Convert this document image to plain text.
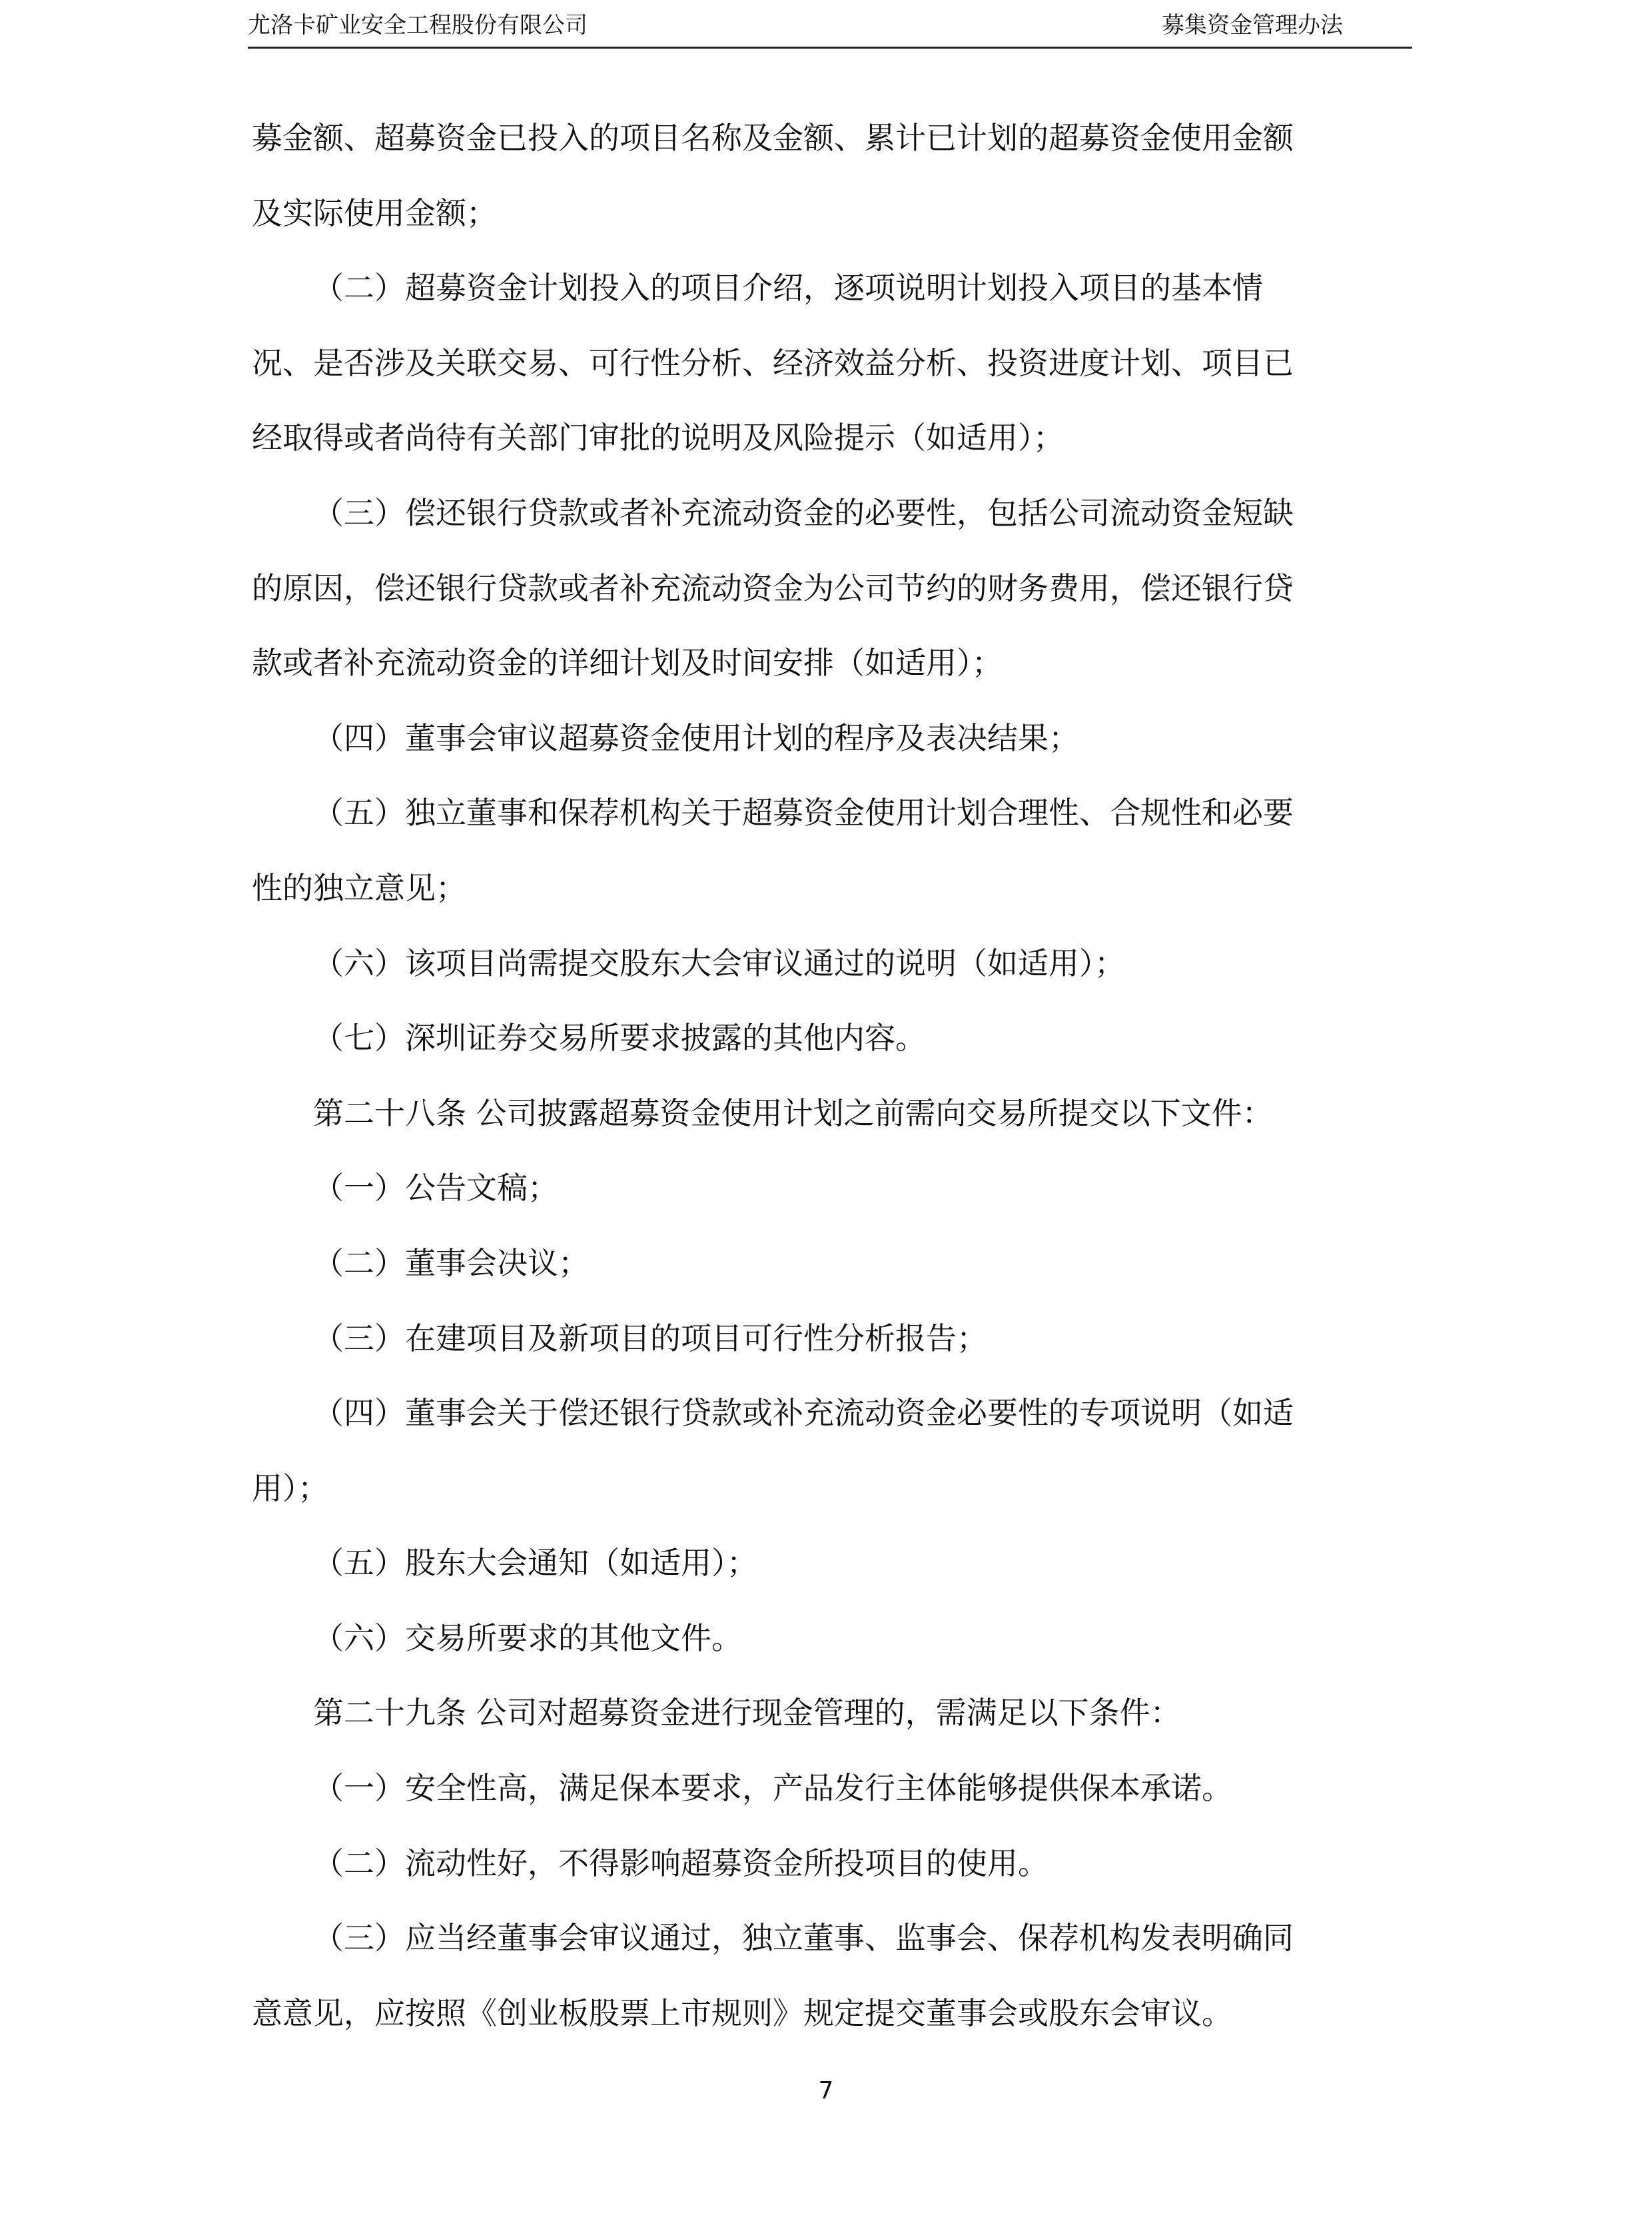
尤洛卡矿业安全工程股份有限公司	募集资金管理办法
募金额、超募资金已投入的项目名称及金额、累计已计划的超募资金使用金额
及实际使用金额；
（二）超募资金计划投入的项目介绍，逐项说明计划投入项目的基本情
况、是否涉及关联交易、可行性分析、经济效益分析、投资进度计划、项目已
经取得或者尚待有关部门审批的说明及风险提示（如适用）；
（三）偿还银行贷款或者补充流动资金的必要性，包括公司流动资金短缺
的原因，偿还银行贷款或者补充流动资金为公司节约的财务费用，偿还银行贷
款或者补充流动资金的详细计划及时间安排（如适用）；
（四）董事会审议超募资金使用计划的程序及表决结果；
（五）独立董事和保荐机构关于超募资金使用计划合理性、合规性和必要
性的独立意见；
（六）该项目尚需提交股东大会审议通过的说明（如适用）；
（七）深圳证券交易所要求披露的其他内容。
第二十八条 公司披露超募资金使用计划之前需向交易所提交以下文件：
（一）公告文稿；
（二）董事会决议；
（三）在建项目及新项目的项目可行性分析报告；
（四）董事会关于偿还银行贷款或补充流动资金必要性的专项说明（如适
用）；
（五）股东大会通知（如适用）；
（六）交易所要求的其他文件。
第二十九条 公司对超募资金进行现金管理的，需满足以下条件：
（一）安全性高，满足保本要求，产品发行主体能够提供保本承诺。
（二）流动性好，不得影响超募资金所投项目的使用。
（三）应当经董事会审议通过，独立董事、监事会、保荐机构发表明确同
意意见，应按照《创业板股票上市规则》规定提交董事会或股东会审议。
7
